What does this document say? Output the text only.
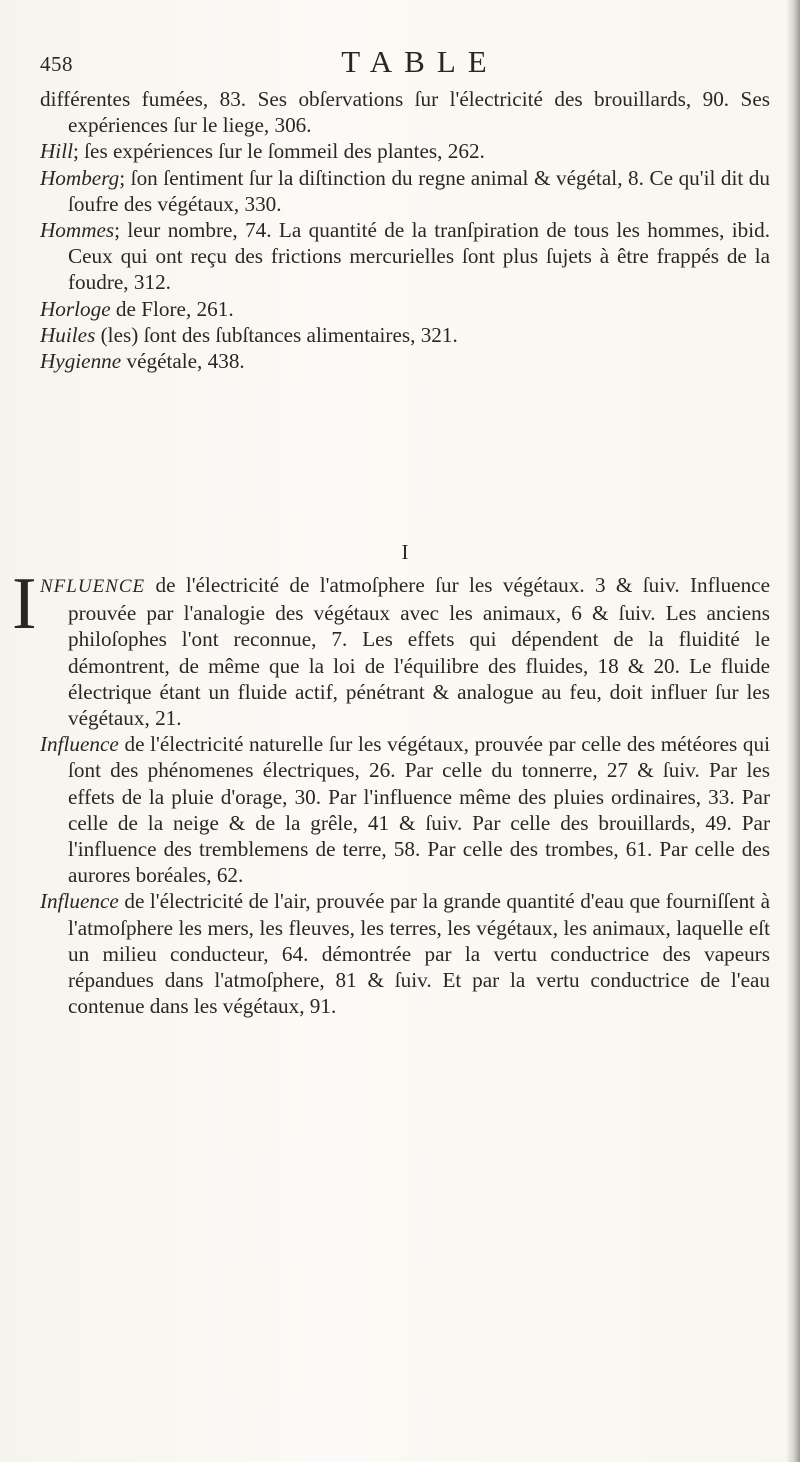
458	TABLE

différentes fumées, 83. Ses obſervations ſur l'électricité des brouillards, 90. Ses expériences ſur le liege, 306.

Hill; ſes expériences ſur le ſommeil des plantes, 262.

Homberg; ſon ſentiment ſur la diſtinction du regne animal & végétal, 8. Ce qu'il dit du ſoufre des végétaux, 330.

Hommes; leur nombre, 74. La quantité de la tranſpiration de tous les hommes, ibid. Ceux qui ont reçu des frictions mercurielles ſont plus ſujets à être frappés de la foudre, 312.

Horloge de Flore, 261.

Huiles (les) ſont des ſubſtances alimentaires, 321.

Hygienne végétale, 438.

I

INFLUENCE de l'électricité de l'atmoſphere ſur les végétaux. 3 & ſuiv. Influence prouvée par l'analogie des végétaux avec les animaux, 6 & ſuiv. Les anciens philoſophes l'ont reconnue, 7. Les effets qui dépendent de la fluidité le démontrent, de même que la loi de l'équilibre des fluides, 18 & 20. Le fluide électrique étant un fluide actif, pénétrant & analogue au feu, doit influer ſur les végétaux, 21.

Influence de l'électricité naturelle ſur les végétaux, prouvée par celle des météores qui ſont des phénomenes électriques, 26. Par celle du tonnerre, 27 & ſuiv. Par les effets de la pluie d'orage, 30. Par l'influence même des pluies ordinaires, 33. Par celle de la neige & de la grêle, 41 & ſuiv. Par celle des brouillards, 49. Par l'influence des tremblemens de terre, 58. Par celle des trombes, 61. Par celle des aurores boréales, 62.

Influence de l'électricité de l'air, prouvée par la grande quantité d'eau que fourniſſent à l'atmoſphere les mers, les fleuves, les terres, les végétaux, les animaux, laquelle eſt un milieu conducteur, 64. démontrée par la vertu conductrice des vapeurs répandues dans l'atmoſphere, 81 & ſuiv. Et par la vertu conductrice de l'eau contenue dans les végétaux, 91.
